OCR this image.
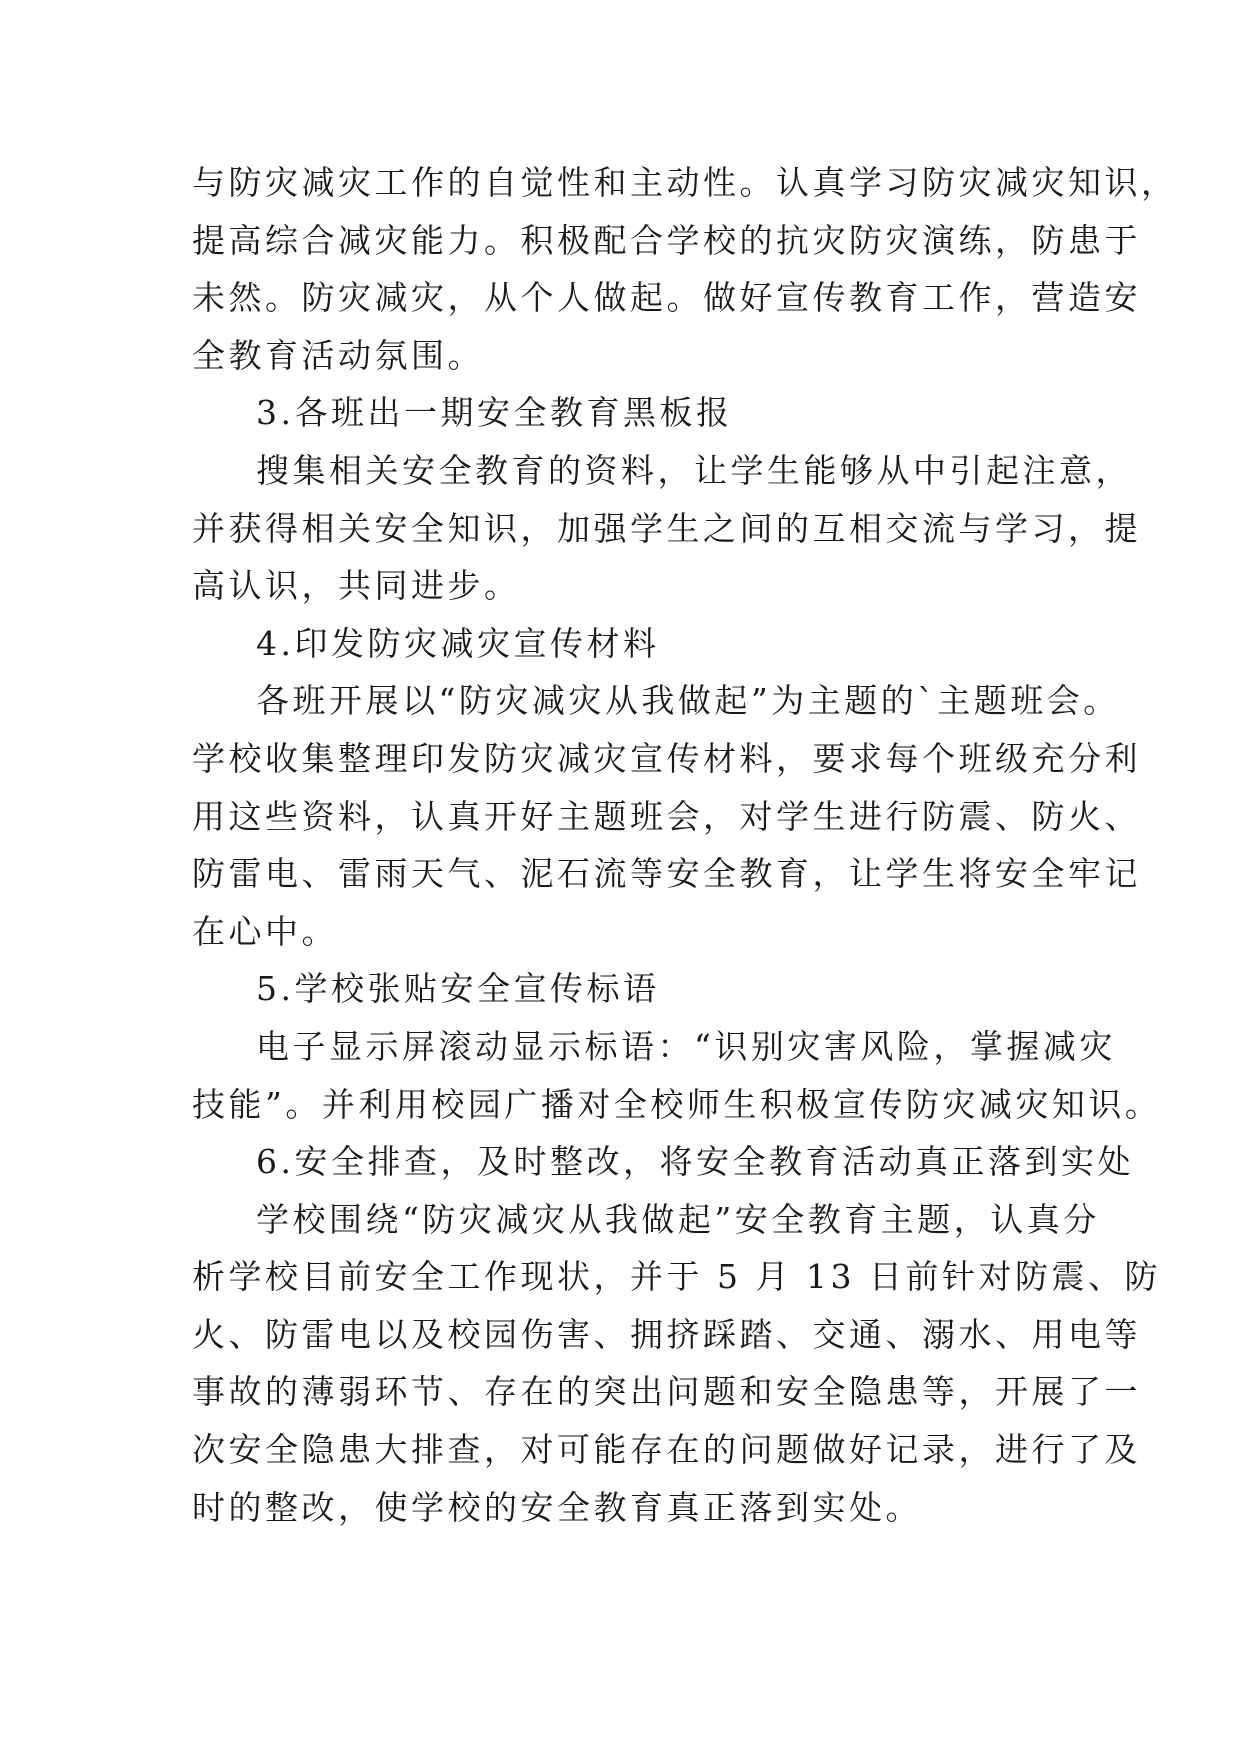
与防灾减灾工作的自觉性和主动性。认真学习防灾减灾知识，
提高综合减灾能力。积极配合学校的抗灾防灾演练，防患于
未然。防灾减灾，从个人做起。做好宣传教育工作，营造安
全教育活动氛围。
3.各班出一期安全教育黑板报
搜集相关安全教育的资料，让学生能够从中引起注意，
并获得相关安全知识，加强学生之间的互相交流与学习，提
高认识，共同进步。
4.印发防灾减灾宣传材料
各班开展以“防灾减灾从我做起”为主题的`主题班会。
学校收集整理印发防灾减灾宣传材料，要求每个班级充分利
用这些资料，认真开好主题班会，对学生进行防震、防火、
防雷电、雷雨天气、泥石流等安全教育，让学生将安全牢记
在心中。
5.学校张贴安全宣传标语
电子显示屏滚动显示标语：“识别灾害风险，掌握减灾
技能”。并利用校园广播对全校师生积极宣传防灾减灾知识。
6.安全排查，及时整改，将安全教育活动真正落到实处
学校围绕“防灾减灾从我做起”安全教育主题，认真分
析学校目前安全工作现状，并于 5 月 13 日前针对防震、防
火、防雷电以及校园伤害、拥挤踩踏、交通、溺水、用电等
事故的薄弱环节、存在的突出问题和安全隐患等，开展了一
次安全隐患大排查，对可能存在的问题做好记录，进行了及
时的整改，使学校的安全教育真正落到实处。
